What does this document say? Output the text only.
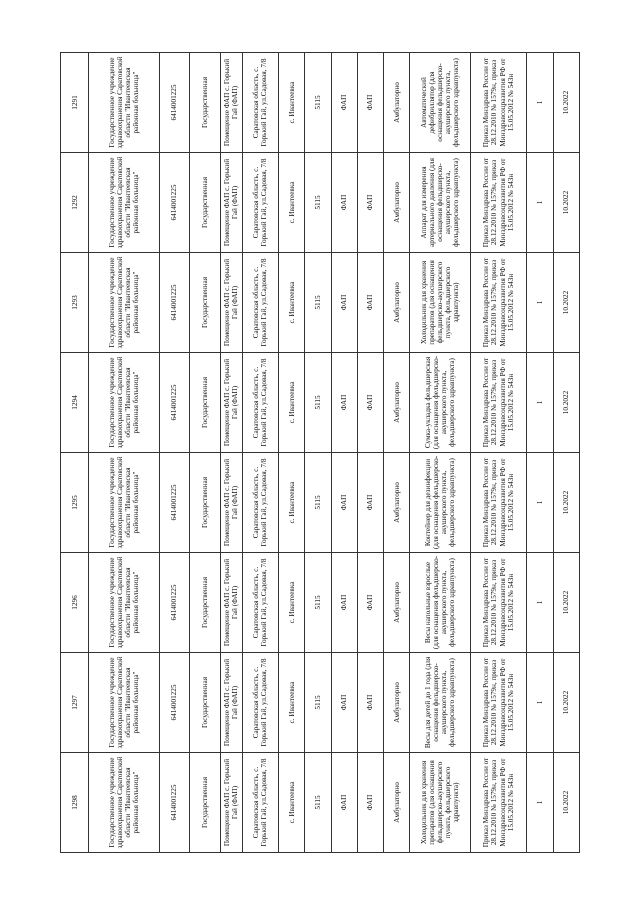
1298	1297	1296	1295	1294	1293	1292	1291
Государственное учреждение здравоохранения Саратовской области "Ивантеевская районная больница"	Государственное учреждение здравоохранения Саратовской области "Ивантеевская районная больница"	Государственное учреждение здравоохранения Саратовской области "Ивантеевская районная больница"	Государственное учреждение здравоохранения Саратовской области "Ивантеевская районная больница"	Государственное учреждение здравоохранения Саратовской области "Ивантеевская районная больница"	Государственное учреждение здравоохранения Саратовской области "Ивантеевская районная больница"	Государственное учреждение здравоохранения Саратовской области "Ивантеевская районная больница"	Государственное учреждение здравоохранения Саратовской области "Ивантеевская районная больница"
6414001225	6414001225	6414001225	6414001225	6414001225	6414001225	6414001225	6414001225
Государственная	Государственная	Государственная	Государственная	Государственная	Государственная	Государственная	Государственная
Помещение ФАП с. Горький Гай (ФАП)	Помещение ФАП с. Горький Гай (ФАП)	Помещение ФАП с. Горький Гай (ФАП)	Помещение ФАП с. Горький Гай (ФАП)	Помещение ФАП с. Горький Гай (ФАП)	Помещение ФАП с. Горький Гай (ФАП)	Помещение ФАП с. Горький Гай (ФАП)	Помещение ФАП с. Горький Гай (ФАП)
Саратовская область, с. Горький Гай, ул.Садовая, 7/8	Саратовская область, с. Горький Гай, ул.Садовая, 7/8	Саратовская область, с. Горький Гай, ул.Садовая, 7/8	Саратовская область, с. Горький Гай, ул.Садовая, 7/8	Саратовская область, с. Горький Гай, ул.Садовая, 7/8	Саратовская область, с. Горький Гай, ул.Садовая, 7/8	Саратовская область, с. Горький Гай, ул.Садовая, 7/8	Саратовская область, с. Горький Гай, ул.Садовая, 7/8
с. Ивантеевка	с. Ивантеевка	с. Ивантеевка	с. Ивантеевка	с. Ивантеевка	с. Ивантеевка	с. Ивантеевка	с. Ивантеевка
5115	5115	5115	5115	5115	5115	5115	5115
ФАП	ФАП	ФАП	ФАП	ФАП	ФАП	ФАП	ФАП
ФАП	ФАП	ФАП	ФАП	ФАП	ФАП	ФАП	ФАП
Амбулаторно	Амбулаторно	Амбулаторно	Амбулаторно	Амбулаторно	Амбулаторно	Амбулаторно	Амбулаторно
Холодильник для хранения препаратов (для оснащения фельдшерско-акушерского пункта, фельдшерского здравпункта)	Весы для детей до 1 года (для оснащения фельдшерско-акушерского пункта, фельдшерского здравпункта)	Весы напольные взрослые (для оснащения фельдшерско-акушерского пункта, фельдшерского здравпункта)	Контейнер для дезинфекции (для оснащения фельдшерско-акушерского пункта, фельдшерского здравпункта)	Сумка-укладка фельдшерская (для оснащения фельдшерско-акушерского пункта, фельдшерского здравпункта)	Холодильник для хранения препаратов (для оснащения фельдшерско-акушерского пункта, фельдшерского здравпункта)	Аппарат для измерения артериального давления (для оснащения фельдшерско-акушерского пункта, фельдшерского здравпункта)	Автоматический дефибриллятор (для оснащения фельдшерско-акушерского пункта, фельдшерского здравпункта)
Приказ Минздрава России от 28.12.2010 № 1579н, приказ Минздравсоцразвития РФ от 15.05.2012 № 543н	Приказ Минздрава России от 28.12.2010 № 1579н, приказ Минздравсоцразвития РФ от 15.05.2012 № 543н	Приказ Минздрава России от 28.12.2010 № 1579н, приказ Минздравсоцразвития РФ от 15.05.2012 № 543н	Приказ Минздрава России от 28.12.2010 № 1579н, приказ Минздравсоцразвития РФ от 15.05.2012 № 543н	Приказ Минздрава России от 28.12.2010 № 1579н, приказ Минздравсоцразвития РФ от 15.05.2012 № 543н	Приказ Минздрава России от 28.12.2010 № 1579н, приказ Минздравсоцразвития РФ от 15.05.2012 № 543н	Приказ Минздрава России от 28.12.2010 № 1579н, приказ Минздравсоцразвития РФ от 15.05.2012 № 543н	Приказ Минздрава России от 28.12.2010 № 1579н, приказ Минздравсоцразвития РФ от 15.05.2012 № 543н
1	1	1	1	1	1	1	1
10.2022	10.2022	10.2022	10.2022	10.2022	10.2022	10.2022	10.2022
